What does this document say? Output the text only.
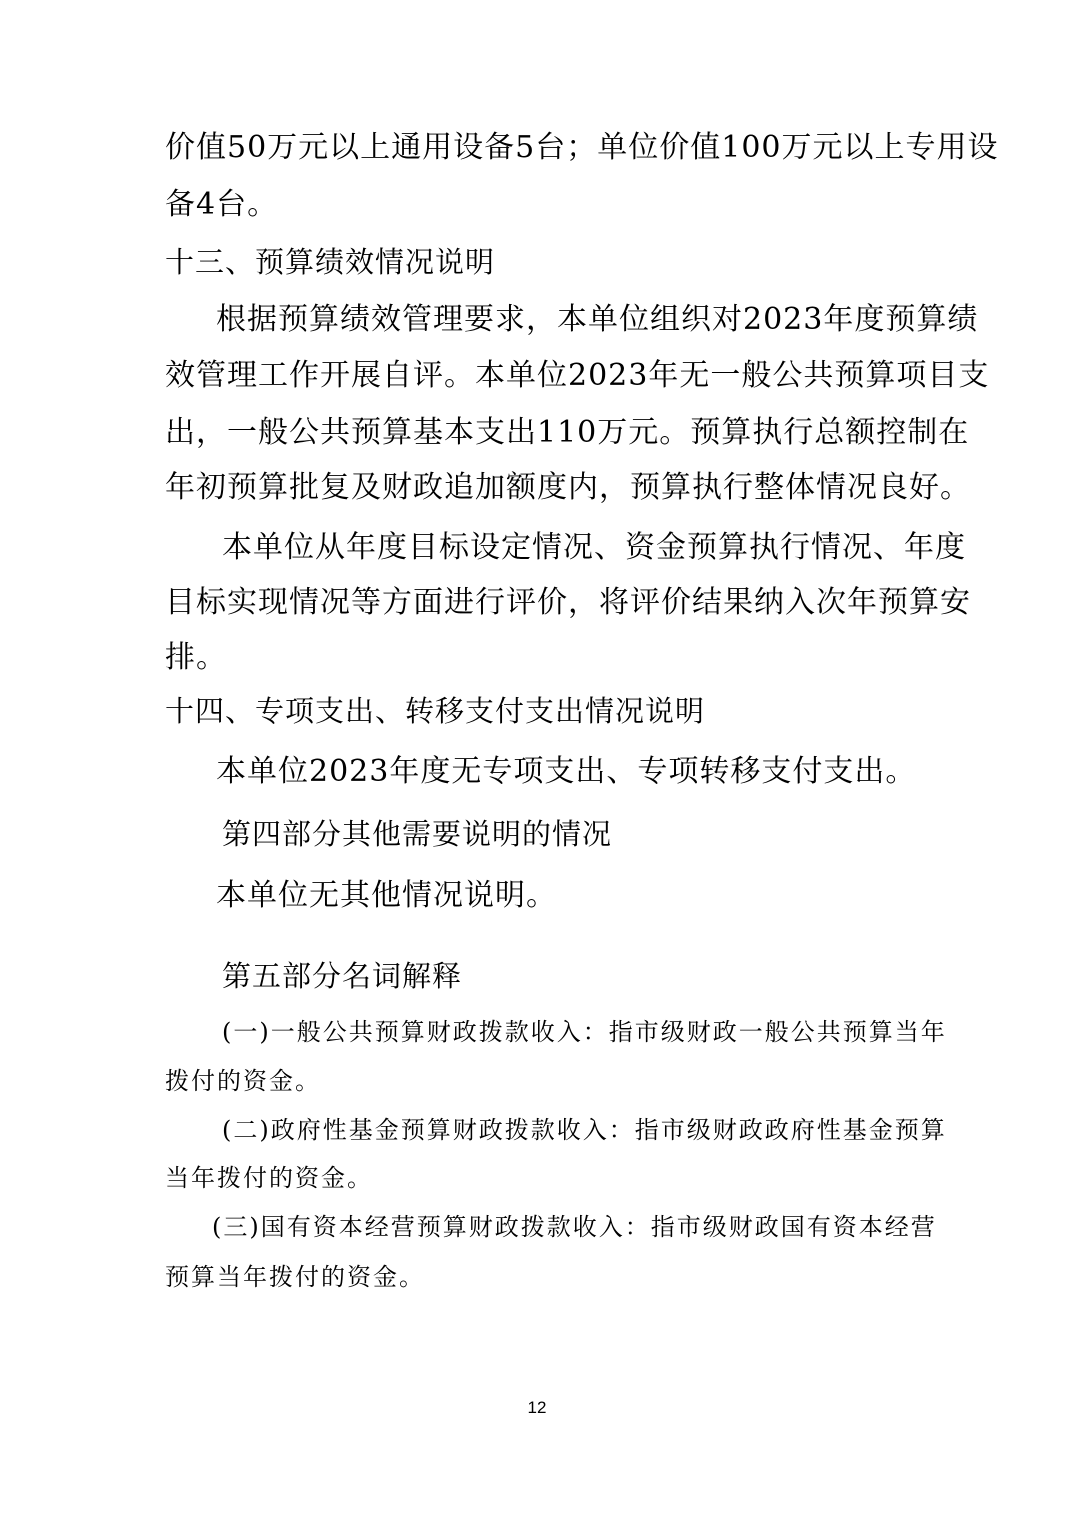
价值50万元以上通用设备5台；单位价值100万元以上专用设
备4台。
十三、预算绩效情况说明
根据预算绩效管理要求，本单位组织对2023年度预算绩
效管理工作开展自评。本单位2023年无一般公共预算项目支
出，一般公共预算基本支出110万元。预算执行总额控制在
年初预算批复及财政追加额度内，预算执行整体情况良好。
本单位从年度目标设定情况、资金预算执行情况、年度
目标实现情况等方面进行评价，将评价结果纳入次年预算安
排。
十四、专项支出、转移支付支出情况说明
本单位2023年度无专项支出、专项转移支付支出。
第四部分其他需要说明的情况
本单位无其他情况说明。
第五部分名词解释
(一)一般公共预算财政拨款收入：指市级财政一般公共预算当年
拨付的资金。
(二)政府性基金预算财政拨款收入：指市级财政政府性基金预算
当年拨付的资金。
(三)国有资本经营预算财政拨款收入：指市级财政国有资本经营
预算当年拨付的资金。
12
